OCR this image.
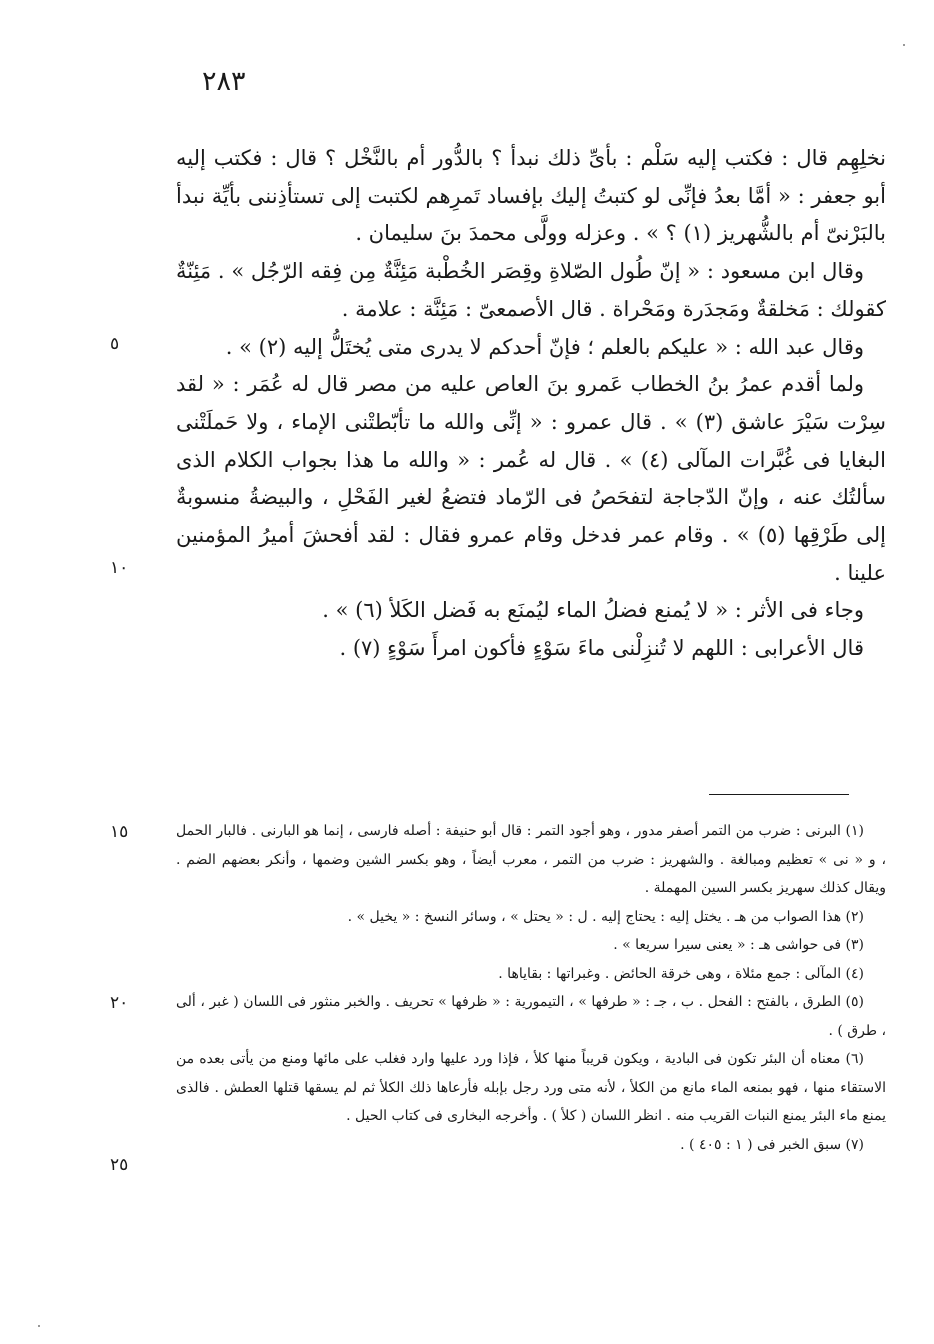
٢٨٣

نخلِهِم قال : فكتب إليه سَلْم : بأىِّ ذلك نبدأ ؟ بالدُّور أم بالنَّخْل ؟ قال : فكتب إليه أبو جعفر : « أمَّا بعدُ فإنِّى لو كتبتُ إليك بإفساد تَمرِهم لكتبت إلى تستأذِننى بأيِّة نبدأ بالبَرْنىّ أم بالشُّهريز (١) ؟ » . وعزله وولَّى محمدَ بنَ سليمان .

وقال ابن مسعود : « إنّ طُول الصّلاةِ وقِصَر الخُطْبة مَئِنَّةٌ مِن فِقه الرّجُل » . مَئِنّةٌ كقولك : مَخلقةٌ ومَجدَرة ومَحْراة . قال الأصمعىّ : مَئِنَّة : علامة .

وقال عبد الله : « عليكم بالعلم ؛ فإنّ أحدكم لا يدرى متى يُختَلُّ إليه (٢) » .

ولما أقدم عمرُ بنُ الخطاب عَمرو بنَ العاص عليه من مصر قال له عُمَر : « لقد سِرْت سَيْرَ عاشق (٣) » . قال عمرو : « إنِّى والله ما تأبّطتْنى الإماء ، ولا حَملَتْنى البغايا فى غُبَّرات المآلى (٤) » . قال له عُمر : « والله ما هذا بجواب الكلام الذى سألتُك عنه ، وإنّ الدّجاجة لتفحَصُ فى الرّماد فتضعُ لغير الفَحْلِ ، والبيضةُ منسوبةٌ إلى طَرْقِها (٥) » . وقام عمر فدخل وقام عمرو فقال : لقد أفحشَ أميرُ المؤمنين علينا .

وجاء فى الأثر : « لا يُمنع فضلُ الماء ليُمنَع به فَضل الكَلأ (٦) » .

قال الأعرابى : اللهم لا تُنزِلْنى ماءَ سَوْءٍ فأكون امرأَ سَوْءٍ (٧) .

(١) البرنى : ضرب من التمر أصفر مدور ، وهو أجود التمر : قال أبو حنيفة : أصله فارسى ، إنما هو البارنى . فالبار الحمل ، و « نى » تعظيم ومبالغة . والشهريز : ضرب من التمر ، معرب أيضاً ، وهو بكسر الشين وضمها ، وأنكر بعضهم الضم . ويقال كذلك سهريز بكسر السين المهملة .

(٢) هذا الصواب من هـ . يختل إليه : يحتاج إليه . ل : « يحتل » ، وسائر النسخ : « يخيل » .

(٣) فى حواشى هـ : « يعنى سيرا سريعا » .

(٤) المآلى : جمع مئلاة ، وهى خرقة الحائض . وغبراتها : بقاياها .

(٥) الطرق ، بالفتح : الفحل . ب ، جـ : « طرفها » ، التيمورية : « ظرفها » تحريف . والخبر منثور فى اللسان ( غبر ، ألى ، طرق ) .

(٦) معناه أن البئر تكون فى البادية ، ويكون قريباً منها كلأ ، فإذا ورد عليها وارد فغلب على مائها ومنع من يأتى بعده من الاستقاء منها ، فهو بمنعه الماء مانع من الكلأ ، لأنه متى ورد رجل بإبله فأرعاها ذلك الكلأ ثم لم يسقها قتلها العطش . فالذى يمنع ماء البئر يمنع النبات القريب منه . انظر اللسان ( كلأ ) . وأخرجه البخارى فى كتاب الحيل .

(٧) سبق الخبر فى ( ١ : ٤٠٥ ) .

٥
١٠
١٥
٢٠
٢٥
